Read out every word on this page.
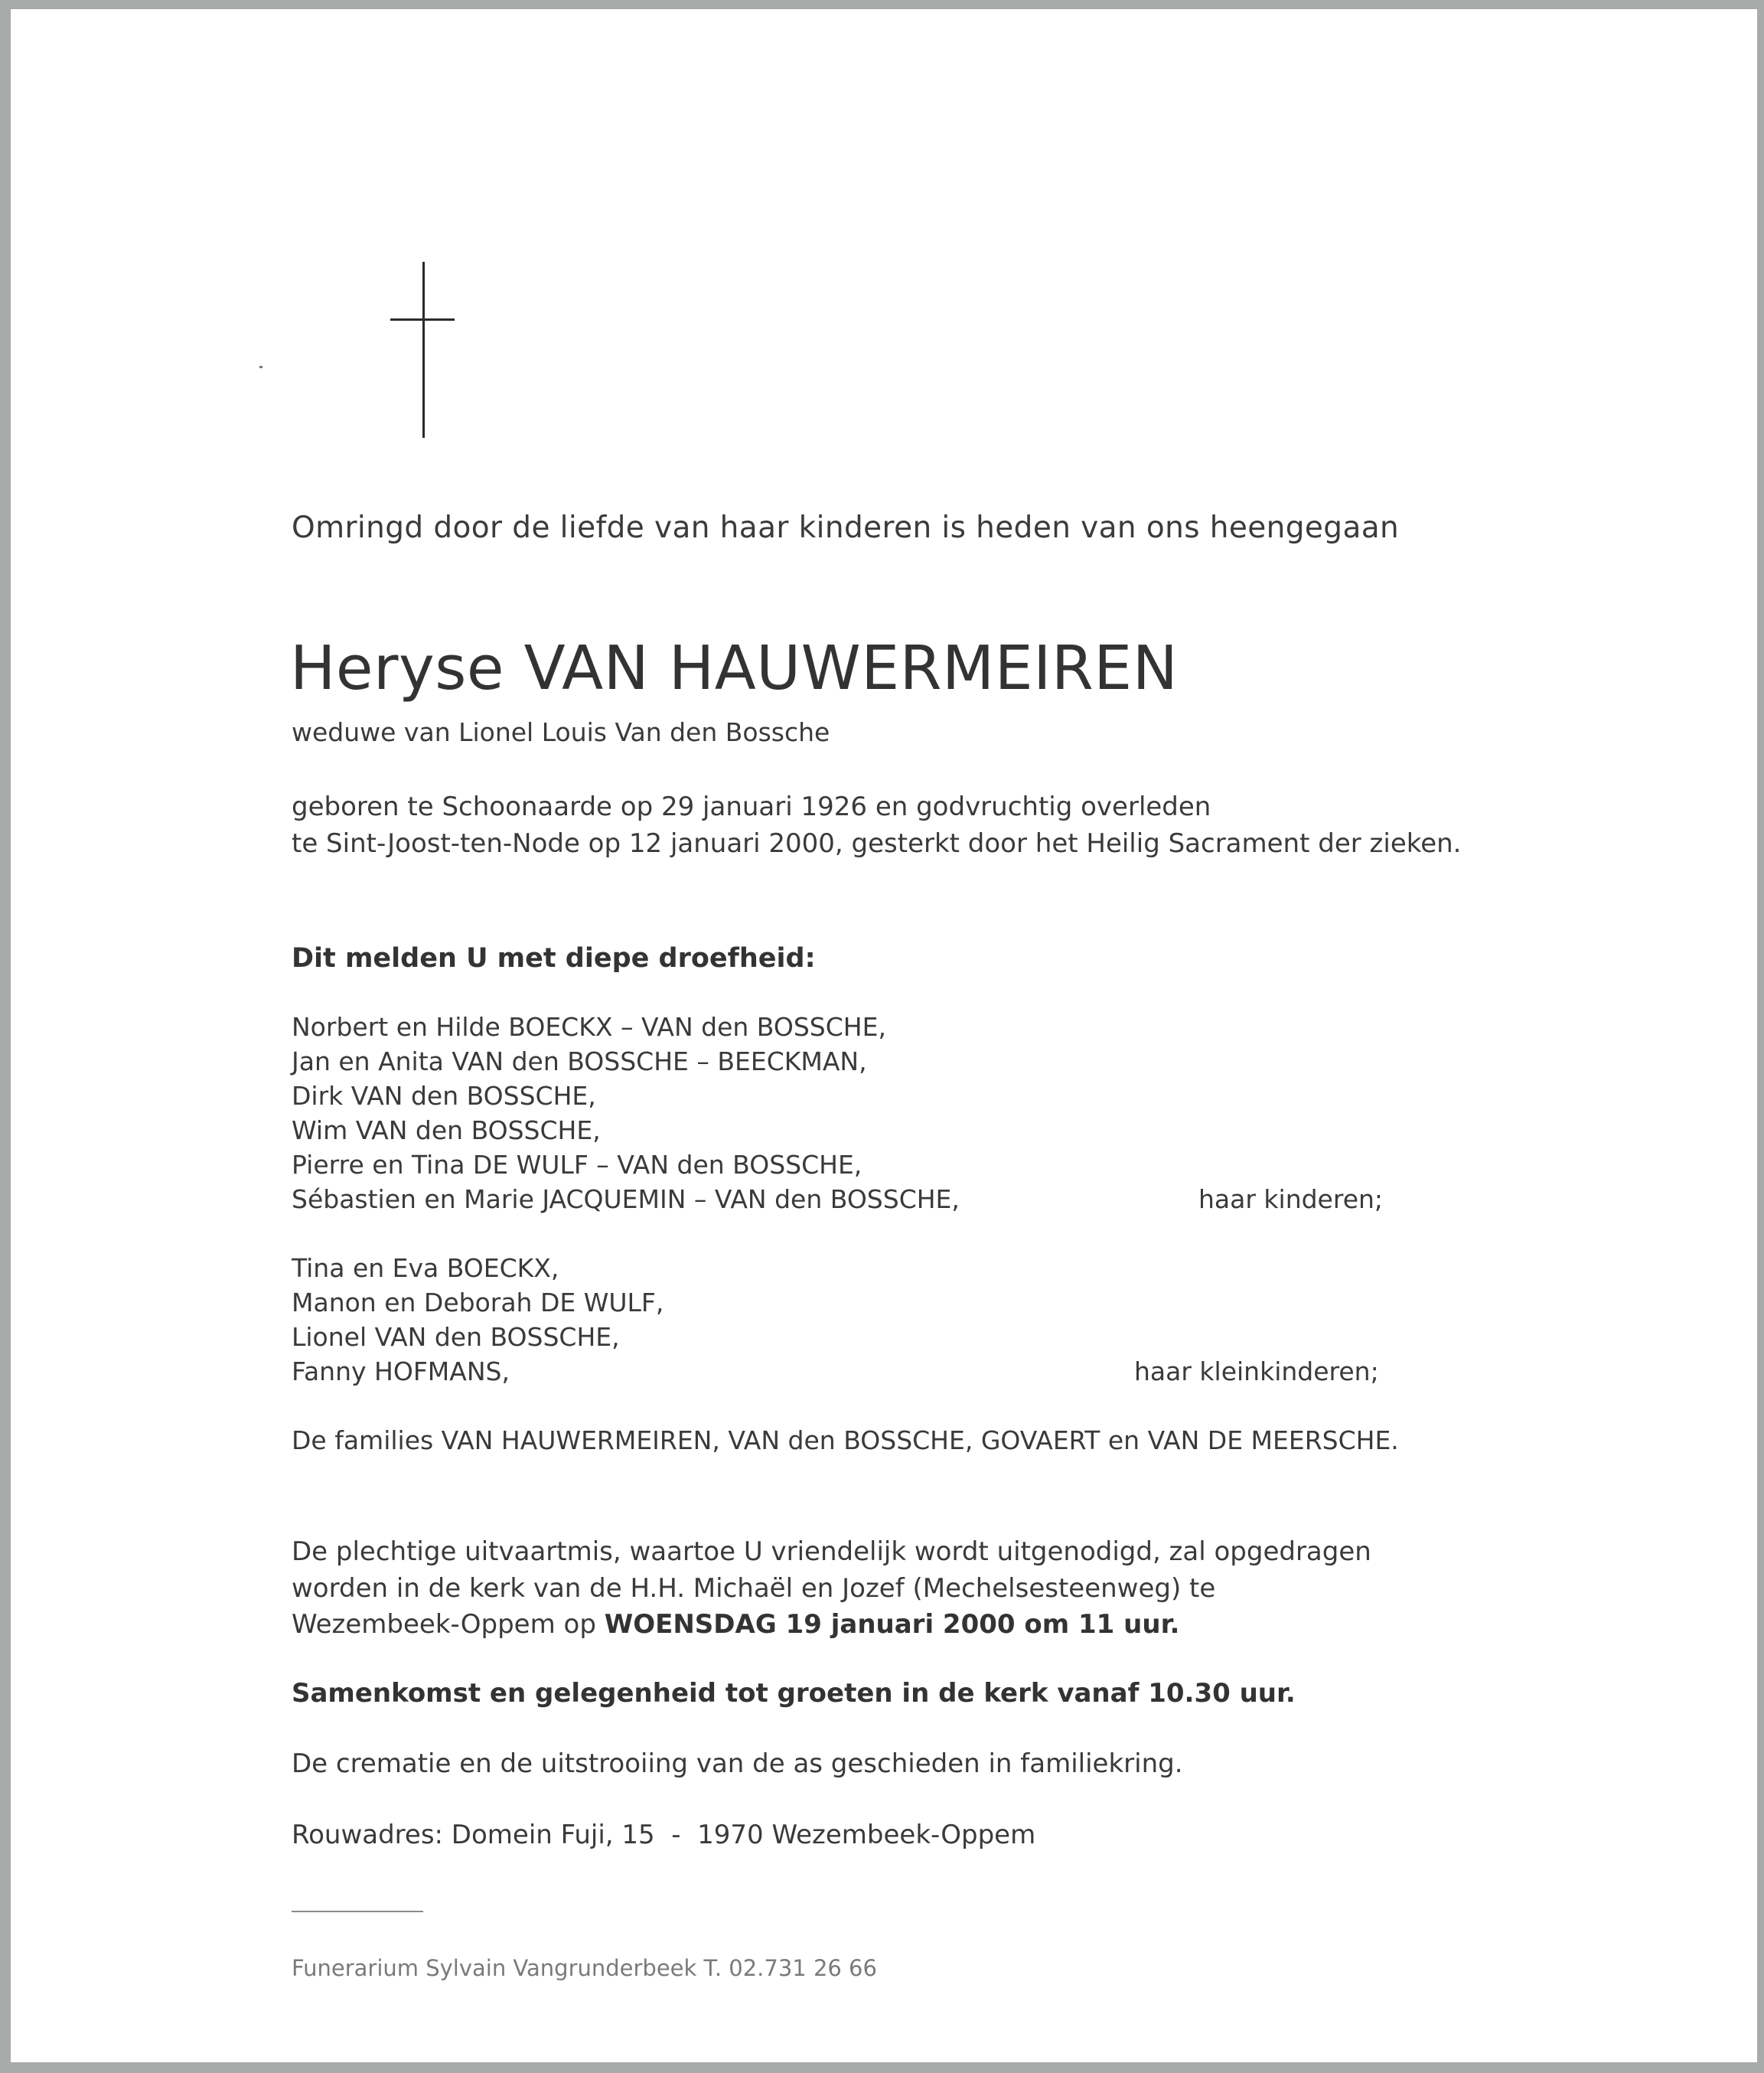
Omringd door de liefde van haar kinderen is heden van ons heengegaan
Heryse VAN HAUWERMEIREN
weduwe van Lionel Louis Van den Bossche
geboren te Schoonaarde op 29 januari 1926 en godvruchtig overleden
te Sint-Joost-ten-Node op 12 januari 2000, gesterkt door het Heilig Sacrament der zieken.
Dit melden U met diepe droefheid:
Norbert en Hilde BOECKX – VAN den BOSSCHE,
Jan en Anita VAN den BOSSCHE – BEECKMAN,
Dirk VAN den BOSSCHE,
Wim VAN den BOSSCHE,
Pierre en Tina DE WULF – VAN den BOSSCHE,
Sébastien en Marie JACQUEMIN – VAN den BOSSCHE,	haar kinderen;
Tina en Eva BOECKX,
Manon en Deborah DE WULF,
Lionel VAN den BOSSCHE,
Fanny HOFMANS,	haar kleinkinderen;
De families VAN HAUWERMEIREN, VAN den BOSSCHE, GOVAERT en VAN DE MEERSCHE.
De plechtige uitvaartmis, waartoe U vriendelijk wordt uitgenodigd, zal opgedragen
worden in de kerk van de H.H. Michaël en Jozef (Mechelsesteenweg) te
Wezembeek-Oppem op WOENSDAG 19 januari 2000 om 11 uur.
Samenkomst en gelegenheid tot groeten in de kerk vanaf 10.30 uur.
De crematie en de uitstrooiing van de as geschieden in familiekring.
Rouwadres: Domein Fuji, 15  -  1970 Wezembeek-Oppem
Funerarium Sylvain Vangrunderbeek T. 02.731 26 66
